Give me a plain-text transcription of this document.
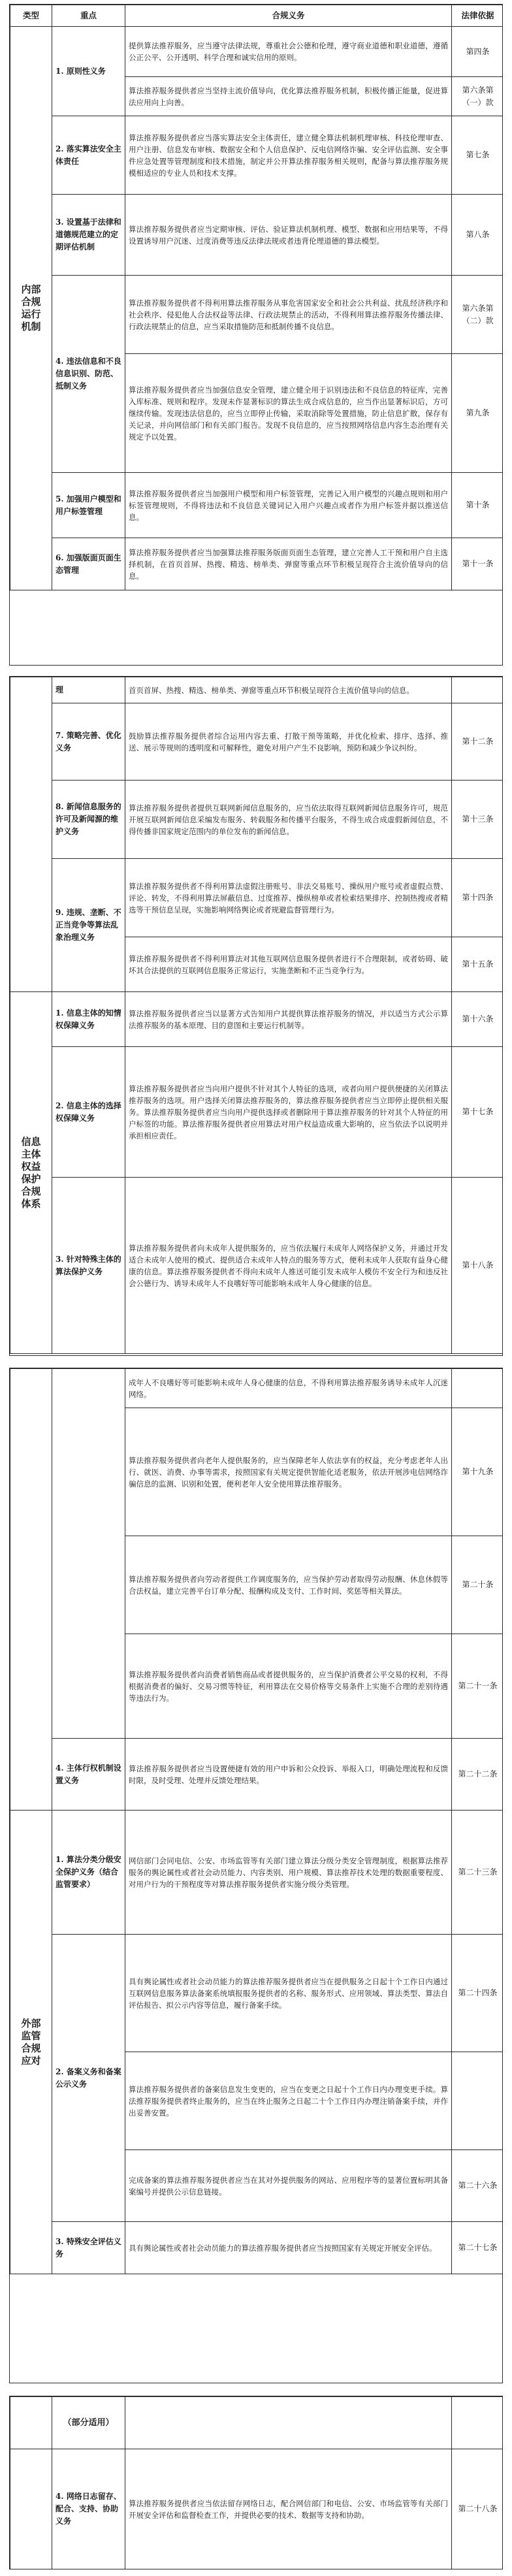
类型	重点	合规义务	法律依据
内部合规运行机制	1. 原则性义务	提供算法推荐服务，应当遵守法律法规，尊重社会公德和伦理，遵守商业道德和职业道德，遵循公正公平、公开透明、科学合理和诚实信用的原则。	第四条
		算法推荐服务提供者应当坚持主流价值导向，优化算法推荐服务机制，积极传播正能量，促进算法应用向上向善。	第六条第（一）款
	2. 落实算法安全主体责任	算法推荐服务提供者应当落实算法安全主体责任，建立健全算法机制机理审核、科技伦理审查、用户注册、信息发布审核、数据安全和个人信息保护、反电信网络诈骗、安全评估监测、安全事件应急处置等管理制度和技术措施，制定并公开算法推荐服务相关规则，配备与算法推荐服务规模相适应的专业人员和技术支撑。	第七条
	3. 设置基于法律和道德规范建立的定期评估机制	算法推荐服务提供者应当定期审核、评估、验证算法机制机理、模型、数据和应用结果等，不得设置诱导用户沉迷、过度消费等违反法律法规或者违背伦理道德的算法模型。	第八条
	4. 违法信息和不良信息识别、防范、抵制义务	算法推荐服务提供者不得利用算法推荐服务从事危害国家安全和社会公共利益、扰乱经济秩序和社会秩序、侵犯他人合法权益等法律、行政法规禁止的活动，不得利用算法推荐服务传播法律、行政法规禁止的信息，应当采取措施防范和抵制传播不良信息。	第六条第（二）款
		算法推荐服务提供者应当加强信息安全管理，建立健全用于识别违法和不良信息的特征库，完善入库标准、规则和程序。发现未作显著标识的算法生成合成信息的，应当作出显著标识后，方可继续传输。发现违法信息的，应当立即停止传输，采取消除等处置措施，防止信息扩散，保存有关记录，并向网信部门和有关部门报告。发现不良信息的，应当按照网络信息内容生态治理有关规定予以处置。	第九条
	5. 加强用户模型和用户标签管理	算法推荐服务提供者应当加强用户模型和用户标签管理，完善记入用户模型的兴趣点规则和用户标签管理规则，不得将违法和不良信息关键词记入用户兴趣点或者作为用户标签并据以推送信息。	第十条
	6. 加强版面页面生态管理	算法推荐服务提供者应当加强算法推荐服务版面页面生态管理，建立完善人工干预和用户自主选择机制，在首页首屏、热搜、精选、榜单类、弹窗等重点环节积极呈现符合主流价值导向的信息。	第十一条
	理	首页首屏、热搜、精选、榜单类、弹窗等重点环节积极呈现符合主流价值导向的信息。	
	7. 策略完善、优化义务	鼓励算法推荐服务提供者综合运用内容去重、打散干预等策略，并优化检索、排序、选择、推送、展示等规则的透明度和可解释性，避免对用户产生不良影响，预防和减少争议纠纷。	第十二条
	8. 新闻信息服务的 许可及新闻源的维护义务	算法推荐服务提供者提供互联网新闻信息服务的，应当依法取得互联网新闻信息服务许可，规范开展互联网新闻信息采编发布服务、转载服务和传播平台服务，不得生成合成虚假新闻信息，不得传播非国家规定范围内的单位发布的新闻信息。	第十三条
	9. 违规、垄断、不正当竞争等算法乱象治理义务	算法推荐服务提供者不得利用算法虚假注册账号、非法交易账号、操纵用户账号或者虚假点赞、评论、转发，不得利用算法屏蔽信息、过度推荐、操纵榜单或者检索结果排序、控制热搜或者精选等干预信息呈现，实施影响网络舆论或者规避监督管理行为。	第十四条
		算法推荐服务提供者不得利用算法对其他互联网信息服务提供者进行不合理限制，或者妨碍、破坏其合法提供的互联网信息服务正常运行，实施垄断和不正当竞争行为。	第十五条
信息主体权益保护合规体系	1. 信息主体的知情权保障义务	算法推荐服务提供者应当以显著方式告知用户其提供算法推荐服务的情况，并以适当方式公示算法推荐服务的基本原理、目的意图和主要运行机制等。	第十六条
	2. 信息主体的选择权保障义务	算法推荐服务提供者应当向用户提供不针对其个人特征的选项，或者向用户提供便捷的关闭算法推荐服务的选项。用户选择关闭算法推荐服务的，算法推荐服务提供者应当立即停止提供相关服务。算法推荐服务提供者应当向用户提供选择或者删除用于算法推荐服务的针对其个人特征的用户标签的功能。算法推荐服务提供者应用算法对用户权益造成重大影响的，应当依法予以说明并承担相应责任。	第十七条
	3. 针对特殊主体的算法保护义务	算法推荐服务提供者向未成年人提供服务的，应当依法履行未成年人网络保护义务，并通过开发适合未成年人使用的模式、提供适合未成年人特点的服务等方式，便利未成年人获取有益身心健康的信息。算法推荐服务提供者不得向未成年人推送可能引发未成年人模仿不安全行为和违反社会公德行为、诱导未成年人不良嗜好等可能影响未成年人身心健康的信息。	第十八条
		成年人不良嗜好等可能影响未成年人身心健康的信息，不得利用算法推荐服务诱导未成年人沉迷网络。	
		算法推荐服务提供者向老年人提供服务的，应当保障老年人依法享有的权益，充分考虑老年人出行、就医、消费、办事等需求，按照国家有关规定提供智能化适老服务，依法开展涉电信网络诈骗信息的监测、识别和处置，便利老年人安全使用算法推荐服务。	第十九条
		算法推荐服务提供者向劳动者提供工作调度服务的，应当保护劳动者取得劳动报酬、休息休假等合法权益，建立完善平台订单分配、报酬构成及支付、工作时间、奖惩等相关算法。	第二十条
		算法推荐服务提供者向消费者销售商品或者提供服务的，应当保护消费者公平交易的权利，不得根据消费者的偏好、交易习惯等特征，利用算法在交易价格等交易条件上实施不合理的差别待遇等违法行为。	第二十一条
	4. 主体行权机制设置义务	算法推荐服务提供者应当设置便捷有效的用户申诉和公众投诉、举报入口，明确处理流程和反馈时限，及时受理、处理并反馈处理结果。	第二十二条
外部监管合规应对	1. 算法分类分级安全保护义务（结合监管要求）	网信部门会同电信、公安、市场监管等有关部门建立算法分级分类安全管理制度，根据算法推荐服务的舆论属性或者社会动员能力、内容类别、用户规模、算法推荐技术处理的数据重要程度、对用户行为的干预程度等对算法推荐服务提供者实施分级分类管理。	第二十三条
	2. 备案义务和备案公示义务	具有舆论属性或者社会动员能力的算法推荐服务提供者应当在提供服务之日起十个工作日内通过互联网信息服务算法备案系统填报服务提供者的名称、服务形式、应用领域、算法类型、算法自评估报告、拟公示内容等信息，履行备案手续。	第二十四条
		算法推荐服务提供者的备案信息发生变更的，应当在变更之日起十个工作日内办理变更手续。算法推荐服务提供者终止服务的，应当在终止服务之日起二十个工作日内办理注销备案手续，并作出妥善安置。	
		完成备案的算法推荐服务提供者应当在其对外提供服务的网站、应用程序等的显著位置标明其备案编号并提供公示信息链接。	第二十六条
	3. 特殊安全评估义务	具有舆论属性或者社会动员能力的算法推荐服务提供者应当按照国家有关规定开展安全评估。	第二十七条
	（部分适用）		
	4. 网络日志留存、配合、支持、协助义务	算法推荐服务提供者应当依法留存网络日志，配合网信部门和电信、公安、市场监管等有关部门开展安全评估和监督检查工作，并提供必要的技术、数据等支持和协助。	第二十八条
